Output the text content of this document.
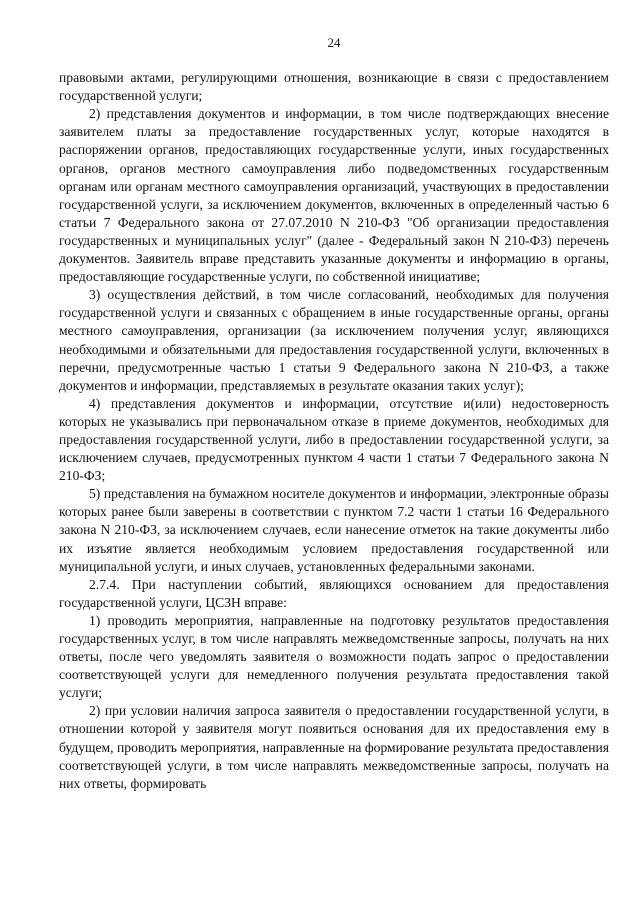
24

правовыми актами, регулирующими отношения, возникающие в связи с предоставлением государственной услуги;

2) представления документов и информации, в том числе подтверждающих внесение заявителем платы за предоставление государственных услуг, которые находятся в распоряжении органов, предоставляющих государственные услуги, иных государственных органов, органов местного самоуправления либо подведомственных государственным органам или органам местного самоуправления организаций, участвующих в предоставлении государственной услуги, за исключением документов, включенных в определенный частью 6 статьи 7 Федерального закона от 27.07.2010 N 210-ФЗ "Об организации предоставления государственных и муниципальных услуг" (далее - Федеральный закон N 210-ФЗ) перечень документов. Заявитель вправе представить указанные документы и информацию в органы, предоставляющие государственные услуги, по собственной инициативе;

3) осуществления действий, в том числе согласований, необходимых для получения государственной услуги и связанных с обращением в иные государственные органы, органы местного самоуправления, организации (за исключением получения услуг, являющихся необходимыми и обязательными для предоставления государственной услуги, включенных в перечни, предусмотренные частью 1 статьи 9 Федерального закона N 210-ФЗ, а также документов и информации, представляемых в результате оказания таких услуг);

4) представления документов и информации, отсутствие и(или) недостоверность которых не указывались при первоначальном отказе в приеме документов, необходимых для предоставления государственной услуги, либо в предоставлении государственной услуги, за исключением случаев, предусмотренных пунктом 4 части 1 статьи 7 Федерального закона N 210-ФЗ;

5) представления на бумажном носителе документов и информации, электронные образы которых ранее были заверены в соответствии с пунктом 7.2 части 1 статьи 16 Федерального закона N 210-ФЗ, за исключением случаев, если нанесение отметок на такие документы либо их изъятие является необходимым условием предоставления государственной или муниципальной услуги, и иных случаев, установленных федеральными законами.

2.7.4. При наступлении событий, являющихся основанием для предоставления государственной услуги, ЦСЗН вправе:

1) проводить мероприятия, направленные на подготовку результатов предоставления государственных услуг, в том числе направлять межведомственные запросы, получать на них ответы, после чего уведомлять заявителя о возможности подать запрос о предоставлении соответствующей услуги для немедленного получения результата предоставления такой услуги;

2) при условии наличия запроса заявителя о предоставлении государственной услуги, в отношении которой у заявителя могут появиться основания для их предоставления ему в будущем, проводить мероприятия, направленные на формирование результата предоставления соответствующей услуги, в том числе направлять межведомственные запросы, получать на них ответы, формировать
